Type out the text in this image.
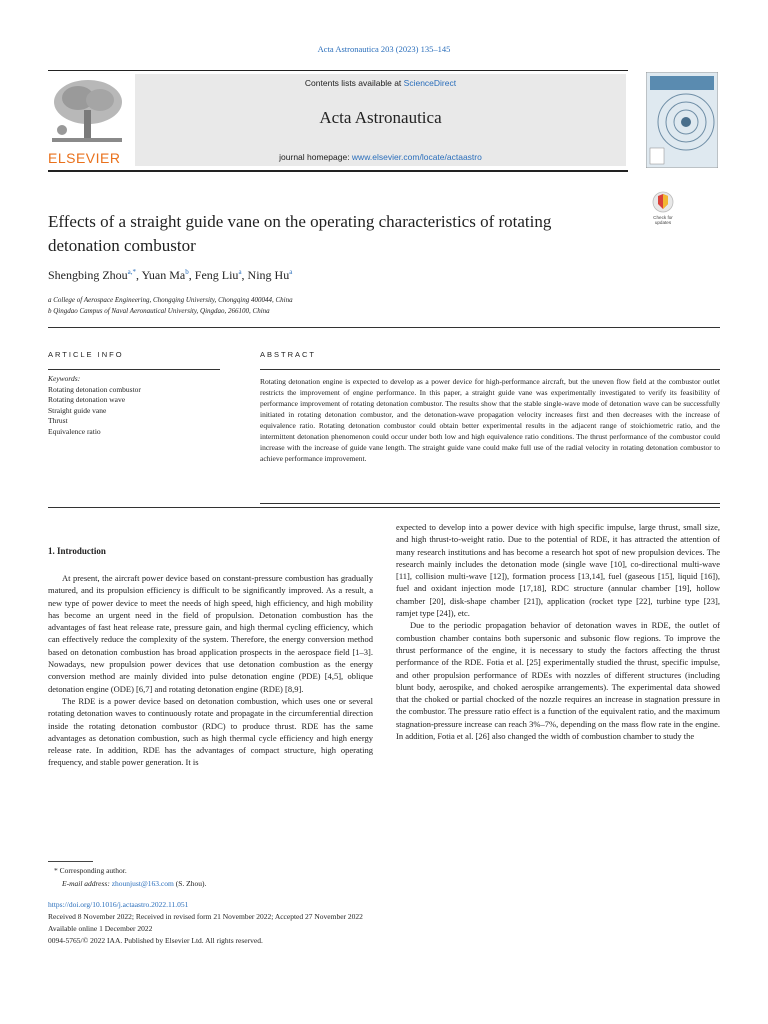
Acta Astronautica 203 (2023) 135–145
ELSEVIER
Contents lists available at ScienceDirect
Acta Astronautica
journal homepage: www.elsevier.com/locate/actaastro
Effects of a straight guide vane on the operating characteristics of rotating detonation combustor
Check for
updates
Shengbing Zhou$^{a,*}$, Yuan Ma$^b$, Feng Liu$^a$, Ning Hu$^a$
a College of Aerospace Engineering, Chongqing University, Chongqing 400044, China
b Qingdao Campus of Naval Aeronautical University, Qingdao, 266100, China
ARTICLE INFO	ABSTRACT
Keywords:
Rotating detonation combustor
Rotating detonation wave
Straight guide vane
Thrust
Equivalence ratio
Rotating detonation engine is expected to develop as a power device for high-performance aircraft, but the uneven flow field at the combustor outlet restricts the improvement of engine performance. In this paper, a straight guide vane was experimentally investigated to verify its feasibility of performance improvement of rotating detonation combustor. The results show that the stable single-wave mode of detonation wave can be successfully initiated in rotating detonation combustor, and the detonation-wave propagation velocity increases first and then decreases with the increase of equivalence ratio. Rotating detonation combustor could obtain better experimental results in the adjacent range of stoichiometric ratio, and the intermittent detonation phenomenon could occur under both low and high equivalence ratio conditions. The thrust performance of the combustor could increase with the increase of guide vane length. The straight guide vane could make full use of the radial velocity in rotating detonation combustor to achieve performance improvement.
1. Introduction

At present, the aircraft power device based on constant-pressure combustion has gradually matured, and its propulsion efficiency is difficult to be significantly improved. As a result, a new type of power device to meet the needs of high speed, high efficiency, and high mobility has become an urgent need in the field of propulsion. Detonation combustion has the advantages of fast heat release rate, pressure gain, and high thermal cycling efficiency, which can effectively reduce the complexity of the system. Therefore, the energy conversion method based on detonation combustion has broad application prospects in the aerospace field [1–3]. Nowadays, new propulsion power devices that use detonation combustion as the energy conversion method are mainly divided into pulse detonation engine (PDE) [4,5], oblique detonation engine (ODE) [6,7] and rotating detonation engine (RDE) [8,9].

The RDE is a power device based on detonation combustion, which uses one or several rotating detonation waves to continuously rotate and propagate in the circumferential direction inside the rotating detonation combustor (RDC) to produce thrust. RDE has the same advantages as detonation combustion, such as high thermal cycle efficiency and high energy release rate. In addition, RDE has the advantages of compact structure, high operating frequency, and stable power generation. It is

expected to develop into a power device with high specific impulse, large thrust, small size, and high thrust-to-weight ratio. Due to the potential of RDE, it has attracted the attention of many research institutions and has become a research hot spot of new propulsion devices. The research mainly includes the detonation mode (single wave [10], co-directional multi-wave [11], collision multi-wave [12]), formation process [13,14], fuel (gaseous [15], liquid [16]), fuel and oxidant injection mode [17,18], RDC structure (annular chamber [19], hollow chamber [20], disk-shape chamber [21]), application (rocket type [22], turbine type [23], ramjet type [24]), etc.

Due to the periodic propagation behavior of detonation waves in RDE, the outlet of combustion chamber contains both supersonic and subsonic flow regions. To improve the thrust performance of the engine, it is necessary to study the factors affecting the thrust performance of the RDE. Fotia et al. [25] experimentally studied the thrust, specific impulse, and other propulsion performance of RDEs with nozzles of different structures (including blunt body, aerospike, and choked aerospike arrangements). The experimental data showed that the choked or partial chocked of the nozzle requires an increase in stagnation pressure in the combustor. The pressure ratio effect is a function of the equivalent ratio, and the maximum stagnation-pressure increase can reach 3%–7%, depending on the mass flow rate in the engine. In addition, Fotia et al. [26] also changed the width of combustion chamber to study the

* Corresponding author.
E-mail address: zhounjust@163.com (S. Zhou).
https://doi.org/10.1016/j.actaastro.2022.11.051
Received 8 November 2022; Received in revised form 21 November 2022; Accepted 27 November 2022
Available online 1 December 2022
0094-5765/© 2022 IAA. Published by Elsevier Ltd. All rights reserved.
